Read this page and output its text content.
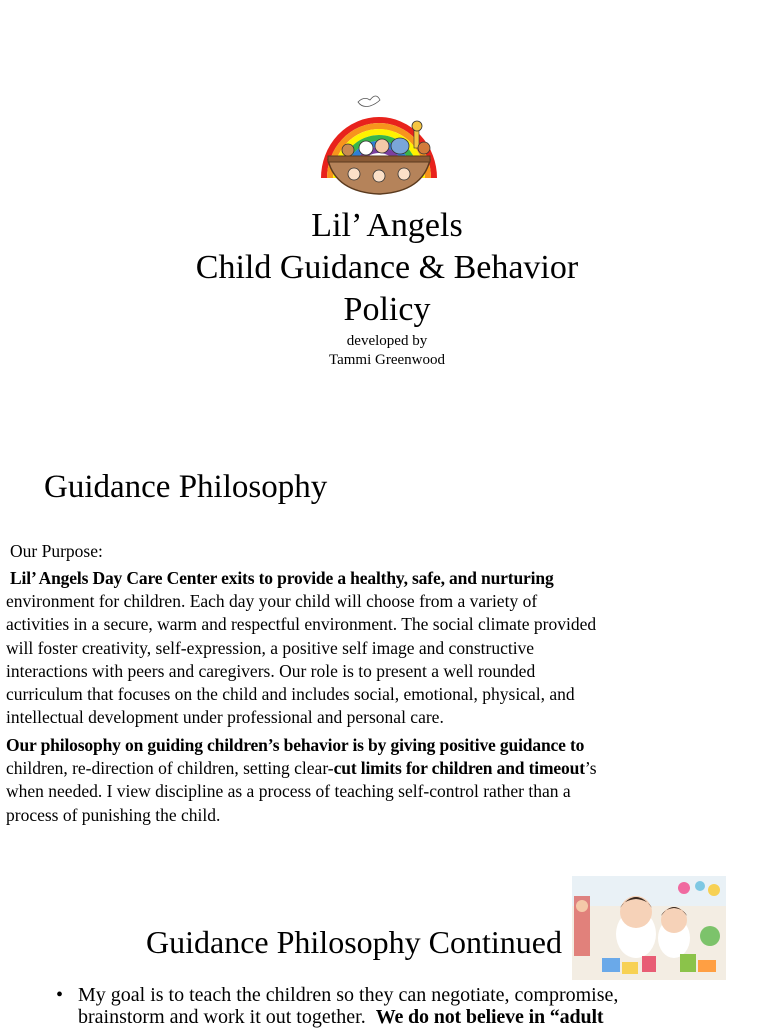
Lil’ Angels
Child Guidance & Behavior
Policy
developed by
Tammi Greenwood
Guidance Philosophy
Our Purpose:
Lil’ Angels Day Care Center exits to provide a healthy, safe, and nurturing
environment for children. Each day your child will choose from a variety of
activities in a secure, warm and respectful environment. The social climate provided
will foster creativity, self-expression, a positive self image and constructive
interactions with peers and caregivers. Our role is to present a well rounded
curriculum that focuses on the child and includes social, emotional, physical, and
intellectual development under professional and personal care.
Our philosophy on guiding children’s behavior is by giving positive guidance to
children, re-direction of children, setting clear-cut limits for children and timeout’s
when needed. I view discipline as a process of teaching self-control rather than a
process of punishing the child.
Guidance Philosophy Continued
• My goal is to teach the children so they can negotiate, compromise,
brainstorm and work it out together. We do not believe in “adult
